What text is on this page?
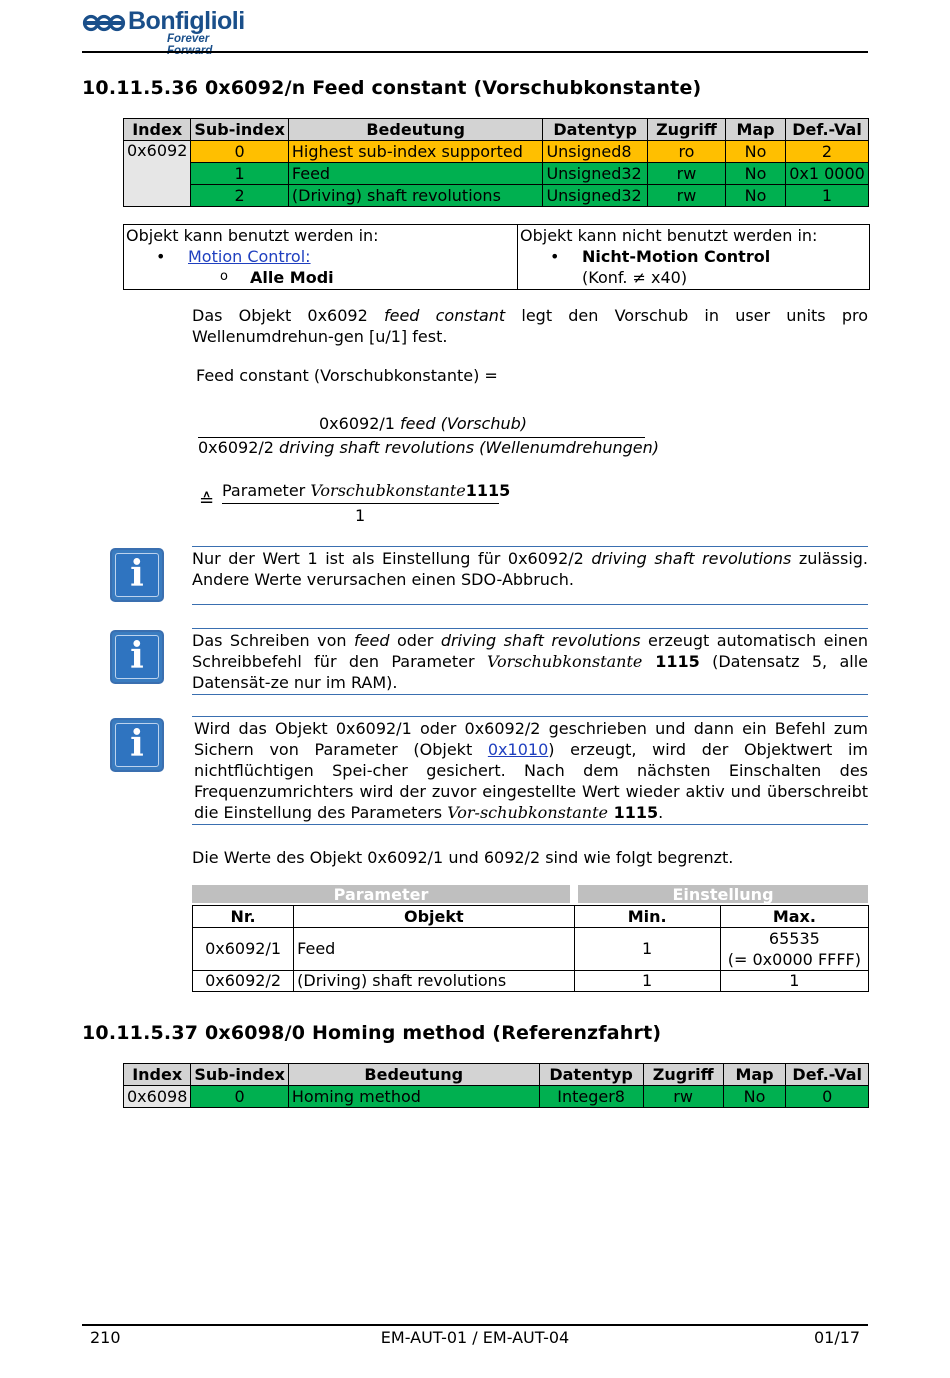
Bonfiglioli
Forever
10.11.5.36 0x6092/n Feed constant (Vorschubkonstante)
Index	Sub-index	Bedeutung	Datentyp	Zugriff	Map	Def.-Val
0x6092	0	Highest sub-index supported	Unsigned8	ro	No	2
	1	Feed	Unsigned32	rw	No	0x1 0000
	2	(Driving) shaft revolutions	Unsigned32	rw	No	1
Objekt kann benutzt werden in:
• Motion Control:
o Alle Modi
Objekt kann nicht benutzt werden in:
• Nicht-Motion Control
(Konf. ≠ x40)
Das Objekt 0x6092 feed constant legt den Vorschub in user units pro Wellenumdrehun-gen [u/1] fest.
Feed constant (Vorschubkonstante) =
0x6092/1 feed (Vorschub)
0x6092/2 driving shaft revolutions (Wellenumdrehungen)
≙ Parameter Vorschubkonstante1115
1
i	Nur der Wert 1 ist als Einstellung für 0x6092/2 driving shaft revolutions zulässig. Andere Werte verursachen einen SDO-Abbruch.
i	Das Schreiben von feed oder driving shaft revolutions erzeugt automatisch einen Schreibbefehl für den Parameter Vorschubkonstante 1115 (Datensatz 5, alle Datensät-ze nur im RAM).
i	Wird das Objekt 0x6092/1 oder 0x6092/2 geschrieben und dann ein Befehl zum Sichern von Parameter (Objekt 0x1010) erzeugt, wird der Objektwert im nichtflüchtigen Spei-cher gesichert. Nach dem nächsten Einschalten des Frequenzumrichters wird der zuvor eingestellte Wert wieder aktiv und überschreibt die Einstellung des Parameters Vor-schubkonstante 1115.
Die Werte des Objekt 0x6092/1 und 6092/2 sind wie folgt begrenzt.
Parameter	Einstellung
Nr.	Objekt	Min.	Max.
0x6092/1	Feed	1	65535
(= 0x0000 FFFF)

0x6092/2	(Driving) shaft revolutions	1	1
10.11.5.37 0x6098/0 Homing method (Referenzfahrt)
Index	Sub-index	Bedeutung	Datentyp	Zugriff	Map	Def.-Val
0x6098	0	Homing method	Integer8	rw	No	0
210	EM-AUT-01 / EM-AUT-04	01/17
